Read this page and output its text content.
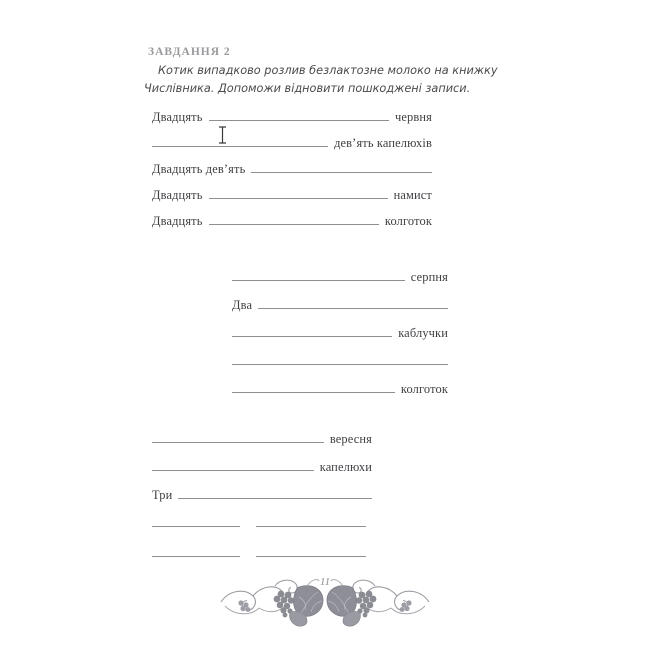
ЗАВДАННЯ 2
Котик випадково розлив безлактозне молоко на книжку Числівника. Допоможи відновити пошкоджені записи.
Двадцять	червня
дев’ять капелюхів
Двадцять дев’ять
Двадцять	намист
Двадцять	колготок
серпня
Два
каблучки
колготок
вересня
капелюхи
Три
11
